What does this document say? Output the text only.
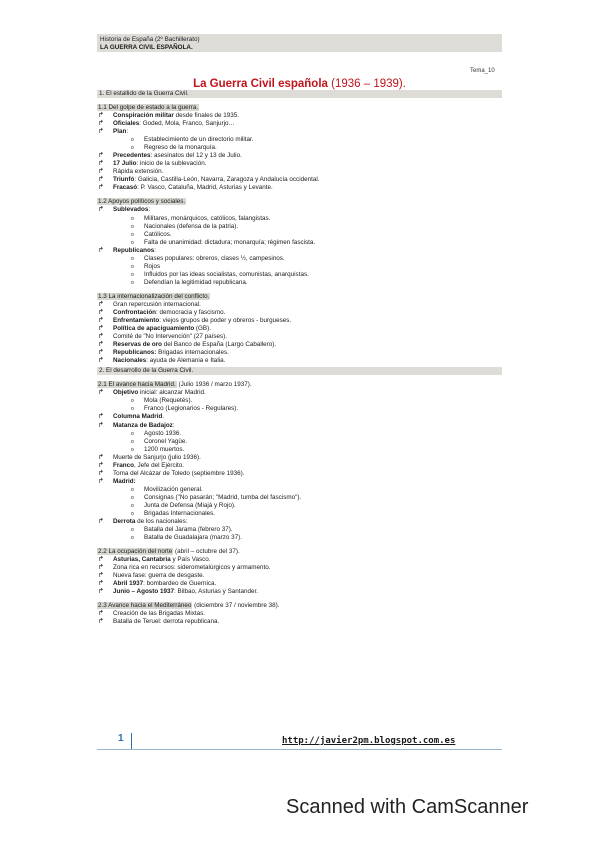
Historia de España (2º Bachillerato)
LA GUERRA CIVIL ESPAÑOLA.
Tema_10
La Guerra Civil española (1936 – 1939).
1. El estallido de la Guerra Civil.
1.1 Del golpe de estado a la guerra.
↱ Conspiración militar desde finales de 1935.
↱ Oficiales: Goded, Mola, Franco, Sanjurjo…
↱ Plan:
o Establecimiento de un directorio militar.
o Regreso de la monarquía.
↱ Precedentes: asesinatos del 12 y 13 de Julio.
↱ 17 Julio: inicio de la sublevación.
↱ Rápida extensión.
↱ Triunfó: Galicia, Castilla-León, Navarra, Zaragoza y Andalucía occidental.
↱ Fracasó: P. Vasco, Cataluña, Madrid, Asturias y Levante.
1.2 Apoyos políticos y sociales.
↱ Sublevados:
o Militares, monárquicos, católicos, falangistas.
o Nacionales (defensa de la patria).
o Católicos.
o Falta de unanimidad: dictadura; monarquía; régimen fascista.
↱ Republicanos:
o Clases populares: obreros, clases ½, campesinos.
o Rojos
o Influidos por las ideas socialistas, comunistas, anarquistas.
o Defendían la legitimidad republicana.
1.3 La internacionalización del conflicto.
↱ Gran repercusión internacional.
↱ Confrontación: democracia y fascismo.
↱ Enfrentamiento: viejos grupos de poder y obreros - burgueses.
↱ Política de apaciguamiento (GB).
↱ Comité de "No Intervención" (27 países).
↱ Reservas de oro del Banco de España (Largo Caballero).
↱ Republicanos: Brigadas internacionales.
↱ Nacionales: ayuda de Alemania e Italia.
2. El desarrollo de la Guerra Civil.
2.1 El avance hacia Madrid. (Julio 1936 / marzo 1937).
↱ Objetivo inicial: alcanzar Madrid.
o Mola (Requetés).
o Franco (Legionarios - Regulares).
↱ Columna Madrid.
↱ Matanza de Badajoz:
o Agosto 1936.
o Coronel Yagüe.
o 1200 muertos.
↱ Muerte de Sanjurjo (julio 1936).
↱ Franco, Jefe del Ejército.
↱ Toma del Alcázar de Toledo (septiembre 1936).
↱ Madrid:
o Movilización general.
o Consignas ("No pasarán; "Madrid, tumba del fascismo").
o Junta de Defensa (Miajá y Rojo).
o Brigadas Internacionales.
↱ Derrota de los nacionales:
o Batalla del Jarama (febrero 37).
o Batalla de Guadalajara (marzo 37).
2.2 La ocupación del norte (abril – octubre del 37).
↱ Asturias, Cantabria y País Vasco.
↱ Zona rica en recursos: siderometalúrgicos y armamento.
↱ Nueva fase: guerra de desgaste.
↱ Abril 1937: bombardeo de Guernica.
↱ Junio – Agosto 1937: Bilbao, Asturias y Santander.
2.3 Avance hacia el Mediterráneo (diciembre 37 / noviembre 38).
↱ Creación de las Brigadas Mixtas.
↱ Batalla de Teruel: derrota republicana.
1	http://javier2pm.blogspot.com.es
Scanned with CamScanner
